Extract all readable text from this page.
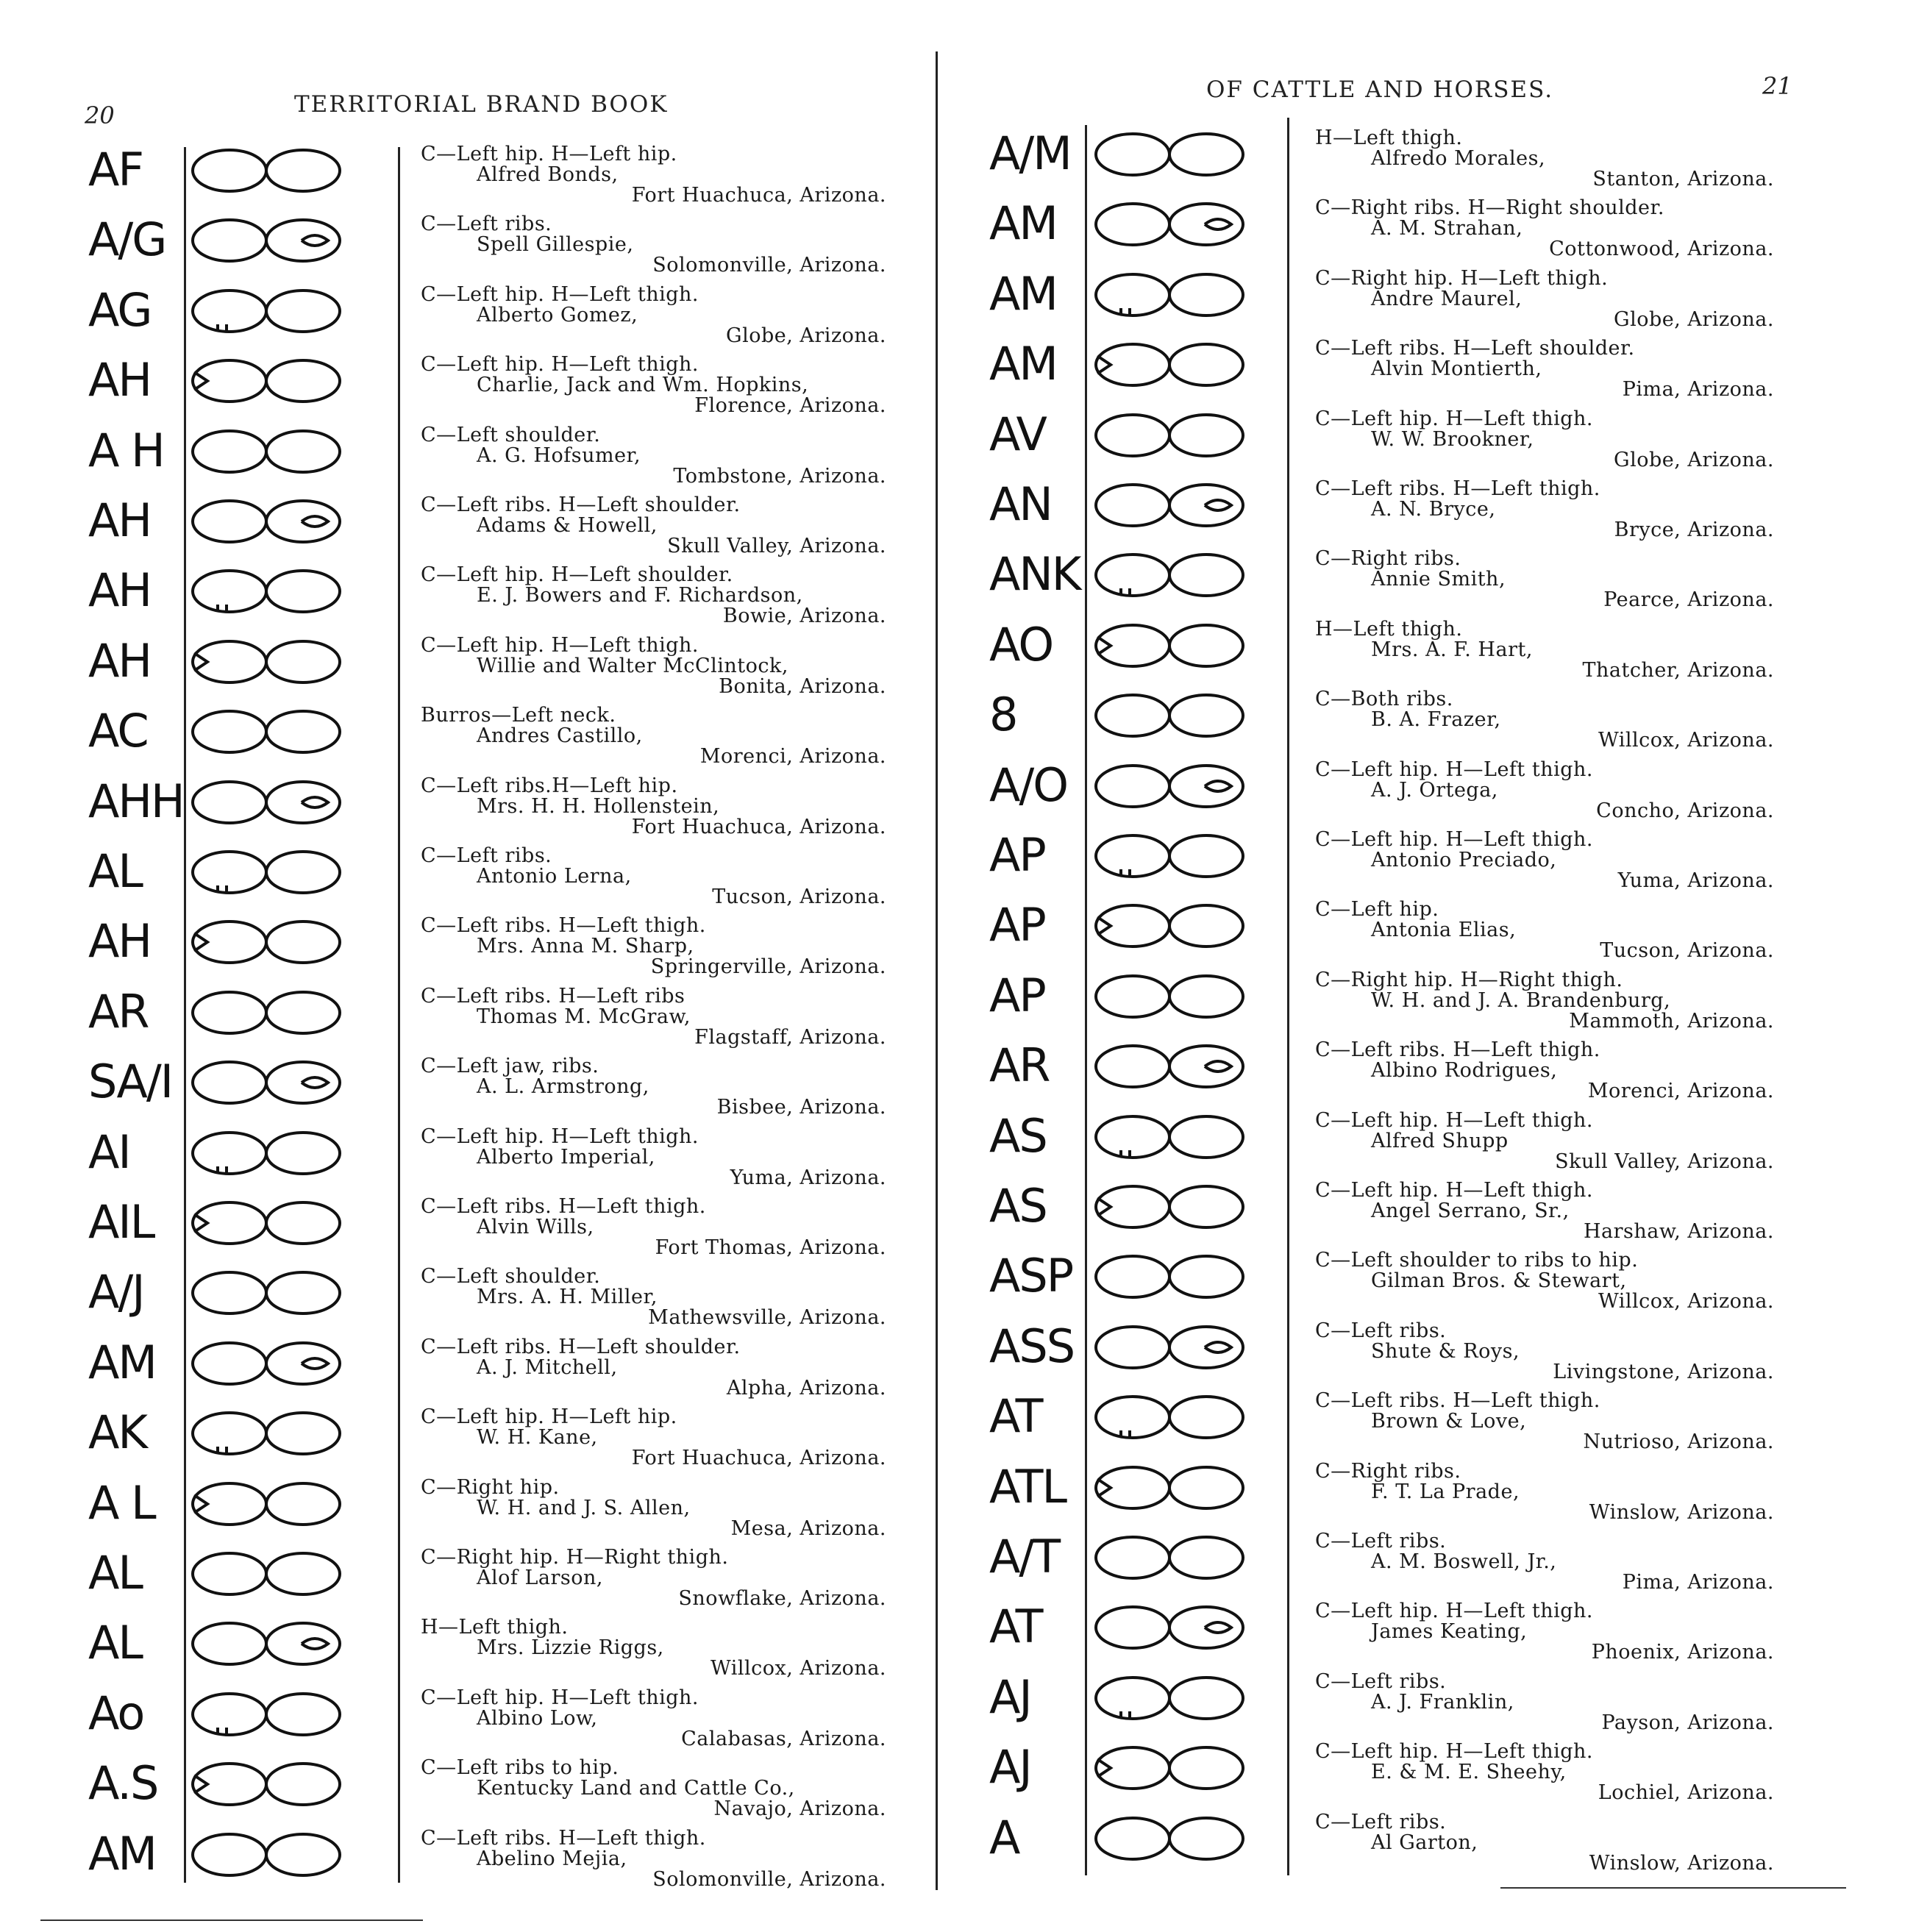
20	TERRITORIAL BRAND BOOK
OF CATTLE AND HORSES.	21
AF	C—Left hip. H—Left hip.
Alfred Bonds,
Fort Huachuca, Arizona.
A/G	C—Left ribs.
Spell Gillespie,
Solomonville, Arizona.
AG	C—Left hip. H—Left thigh.
Alberto Gomez,
Globe, Arizona.
AH	C—Left hip. H—Left thigh.
Charlie, Jack and Wm. Hopkins,
Florence, Arizona.
A H	C—Left shoulder.
A. G. Hofsumer,
Tombstone, Arizona.
AH	C—Left ribs. H—Left shoulder.
Adams & Howell,
Skull Valley, Arizona.
AH	C—Left hip. H—Left shoulder.
E. J. Bowers and F. Richardson,
Bowie, Arizona.
AH	C—Left hip. H—Left thigh.
Willie and Walter McClintock,
Bonita, Arizona.
AC	Burros—Left neck.
Andres Castillo,
Morenci, Arizona.
AHH	C—Left ribs.H—Left hip.
Mrs. H. H. Hollenstein,
Fort Huachuca, Arizona.
AL	C—Left ribs.
Antonio Lerna,
Tucson, Arizona.
AH	C—Left ribs. H—Left thigh.
Mrs. Anna M. Sharp,
Springerville, Arizona.
AR	C—Left ribs. H—Left ribs
Thomas M. McGraw,
Flagstaff, Arizona.
SA/I	C—Left jaw, ribs.
A. L. Armstrong,
Bisbee, Arizona.
AI	C—Left hip. H—Left thigh.
Alberto Imperial,
Yuma, Arizona.
AIL	C—Left ribs. H—Left thigh.
Alvin Wills,
Fort Thomas, Arizona.
A/J	C—Left shoulder.
Mrs. A. H. Miller,
Mathewsville, Arizona.
AM	C—Left ribs. H—Left shoulder.
A. J. Mitchell,
Alpha, Arizona.
AK	C—Left hip. H—Left hip.
W. H. Kane,
Fort Huachuca, Arizona.
A L	C—Right hip.
W. H. and J. S. Allen,
Mesa, Arizona.
AL	C—Right hip. H—Right thigh.
Alof Larson,
Snowflake, Arizona.
AL	H—Left thigh.
Mrs. Lizzie Riggs,
Willcox, Arizona.
Ao	C—Left hip. H—Left thigh.
Albino Low,
Calabasas, Arizona.
A.S	C—Left ribs to hip.
Kentucky Land and Cattle Co.,
Navajo, Arizona.
AM	C—Left ribs. H—Left thigh.
Abelino Mejia,
Solomonville, Arizona.
A/M	H—Left thigh.
Alfredo Morales,
Stanton, Arizona.
AM	C—Right ribs. H—Right shoulder.
A. M. Strahan,
Cottonwood, Arizona.
AM	C—Right hip. H—Left thigh.
Andre Maurel,
Globe, Arizona.
AM	C—Left ribs. H—Left shoulder.
Alvin Montierth,
Pima, Arizona.
AV	C—Left hip. H—Left thigh.
W. W. Brookner,
Globe, Arizona.
AN	C—Left ribs. H—Left thigh.
A. N. Bryce,
Bryce, Arizona.
ANK	C—Right ribs.
Annie Smith,
Pearce, Arizona.
AO	H—Left thigh.
Mrs. A. F. Hart,
Thatcher, Arizona.
8	C—Both ribs.
B. A. Frazer,
Willcox, Arizona.
A/O	C—Left hip. H—Left thigh.
A. J. Ortega,
Concho, Arizona.
AP	C—Left hip. H—Left thigh.
Antonio Preciado,
Yuma, Arizona.
AP	C—Left hip.
Antonia Elias,
Tucson, Arizona.
AP	C—Right hip. H—Right thigh.
W. H. and J. A. Brandenburg,
Mammoth, Arizona.
AR	C—Left ribs. H—Left thigh.
Albino Rodrigues,
Morenci, Arizona.
AS	C—Left hip. H—Left thigh.
Alfred Shupp
Skull Valley, Arizona.
AS	C—Left hip. H—Left thigh.
Angel Serrano, Sr.,
Harshaw, Arizona.
ASP	C—Left shoulder to ribs to hip.
Gilman Bros. & Stewart,
Willcox, Arizona.
ASS	C—Left ribs.
Shute & Roys,
Livingstone, Arizona.
AT	C—Left ribs. H—Left thigh.
Brown & Love,
Nutrioso, Arizona.
ATL	C—Right ribs.
F. T. La Prade,
Winslow, Arizona.
A/T	C—Left ribs.
A. M. Boswell, Jr.,
Pima, Arizona.
AT	C—Left hip. H—Left thigh.
James Keating,
Phoenix, Arizona.
AJ	C—Left ribs.
A. J. Franklin,
Payson, Arizona.
AJ	C—Left hip. H—Left thigh.
E. & M. E. Sheehy,
Lochiel, Arizona.
A	C—Left ribs.
Al Garton,
Winslow, Arizona.
